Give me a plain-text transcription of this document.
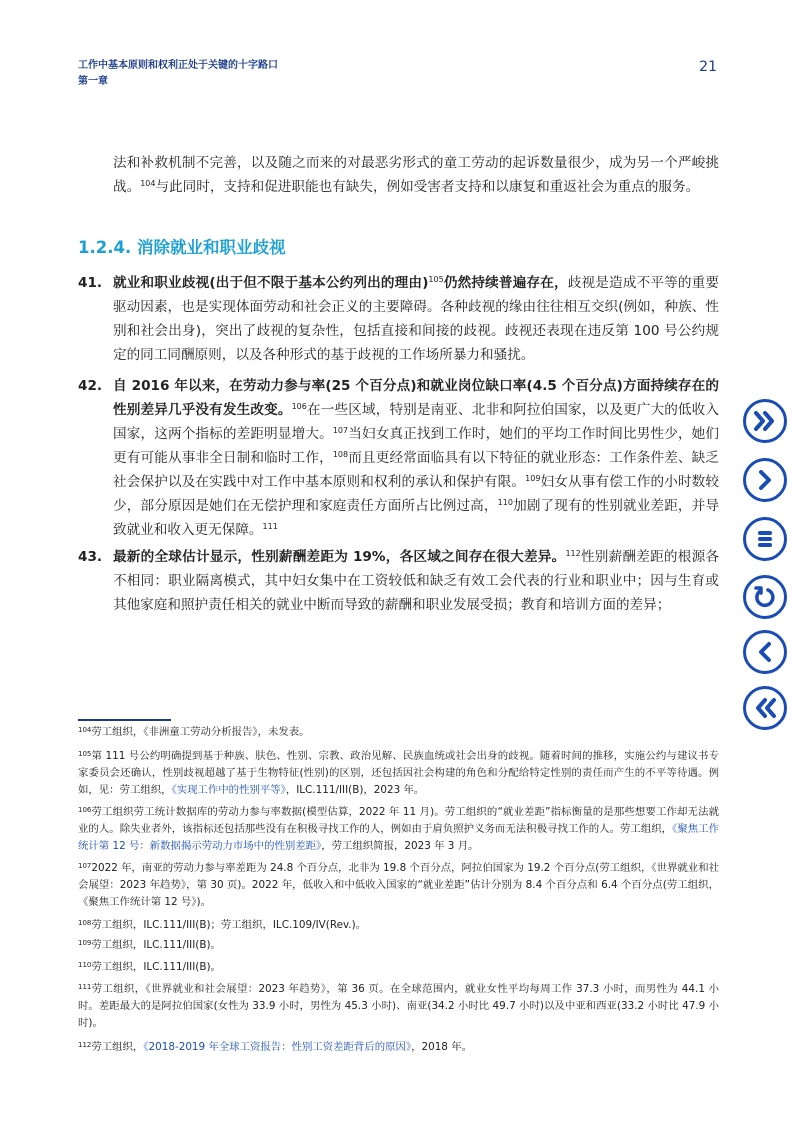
工作中基本原则和权利正处于关键的十字路口
第一章
21
法和补救机制不完善，以及随之而来的对最恶劣形式的童工劳动的起诉数量很少，成为另一个严峻挑战。$^{104}$与此同时，支持和促进职能也有缺失，例如受害者支持和以康复和重返社会为重点的服务。
1.2.4. 消除就业和职业歧视
41. 就业和职业歧视(出于但不限于基本公约列出的理由)$^{105}$仍然持续普遍存在，歧视是造成不平等的重要驱动因素，也是实现体面劳动和社会正义的主要障碍。各种歧视的缘由往往相互交织(例如，种族、性别和社会出身)，突出了歧视的复杂性，包括直接和间接的歧视。歧视还表现在违反第 100 号公约规定的同工同酬原则，以及各种形式的基于歧视的工作场所暴力和骚扰。
42. 自 2016 年以来，在劳动力参与率(25 个百分点)和就业岗位缺口率(4.5 个百分点)方面持续存在的性别差异几乎没有发生改变。$^{106}$在一些区域，特别是南亚、北非和阿拉伯国家，以及更广大的低收入国家，这两个指标的差距明显增大。$^{107}$当妇女真正找到工作时，她们的平均工作时间比男性少，她们更有可能从事非全日制和临时工作，$^{108}$而且更经常面临具有以下特征的就业形态：工作条件差、缺乏社会保护以及在实践中对工作中基本原则和权利的承认和保护有限。$^{109}$妇女从事有偿工作的小时数较少，部分原因是她们在无偿护理和家庭责任方面所占比例过高，$^{110}$加剧了现有的性别就业差距，并导致就业和收入更无保障。$^{111}$
43. 最新的全球估计显示，性别薪酬差距为 19%，各区域之间存在很大差异。$^{112}$性别薪酬差距的根源各不相同：职业隔离模式，其中妇女集中在工资较低和缺乏有效工会代表的行业和职业中；因与生育或其他家庭和照护责任相关的就业中断而导致的薪酬和职业发展受损；教育和培训方面的差异；
$^{104}$劳工组织，《非洲童工劳动分析报告》，未发表。
$^{105}$第 111 号公约明确提到基于种族、肤色、性别、宗教、政治见解、民族血统或社会出身的歧视。随着时间的推移，实施公约与建议书专家委员会还确认，性别歧视超越了基于生物特征(性别)的区别，还包括因社会构建的角色和分配给特定性别的责任而产生的不平等待遇。例如，见：劳工组织，《实现工作中的性别平等》，ILC.111/III(B)，2023 年。
$^{106}$劳工组织劳工统计数据库的劳动力参与率数据(模型估算，2022 年 11 月)。劳工组织的“就业差距”指标衡量的是那些想要工作却无法就业的人。除失业者外，该指标还包括那些没有在积极寻找工作的人，例如由于肩负照护义务而无法积极寻找工作的人。劳工组织，《聚焦工作统计第 12 号：新数据揭示劳动力市场中的性别差距》，劳工组织简报，2023 年 3 月。
$^{107}$2022 年，南亚的劳动力参与率差距为 24.8 个百分点，北非为 19.8 个百分点，阿拉伯国家为 19.2 个百分点(劳工组织，《世界就业和社会展望：2023 年趋势》，第 30 页)。2022 年，低收入和中低收入国家的“就业差距”估计分别为 8.4 个百分点和 6.4 个百分点(劳工组织，《聚焦工作统计第 12 号》)。
$^{108}$劳工组织，ILC.111/III(B)；劳工组织，ILC.109/IV(Rev.)。
$^{109}$劳工组织，ILC.111/III(B)。
$^{110}$劳工组织，ILC.111/III(B)。
$^{111}$劳工组织，《世界就业和社会展望：2023 年趋势》，第 36 页。在全球范围内，就业女性平均每周工作 37.3 小时，而男性为 44.1 小时。差距最大的是阿拉伯国家(女性为 33.9 小时，男性为 45.3 小时)、南亚(34.2 小时比 49.7 小时)以及中亚和西亚(33.2 小时比 47.9 小时)。
$^{112}$劳工组织，《2018-2019 年全球工资报告：性别工资差距背后的原因》，2018 年。
